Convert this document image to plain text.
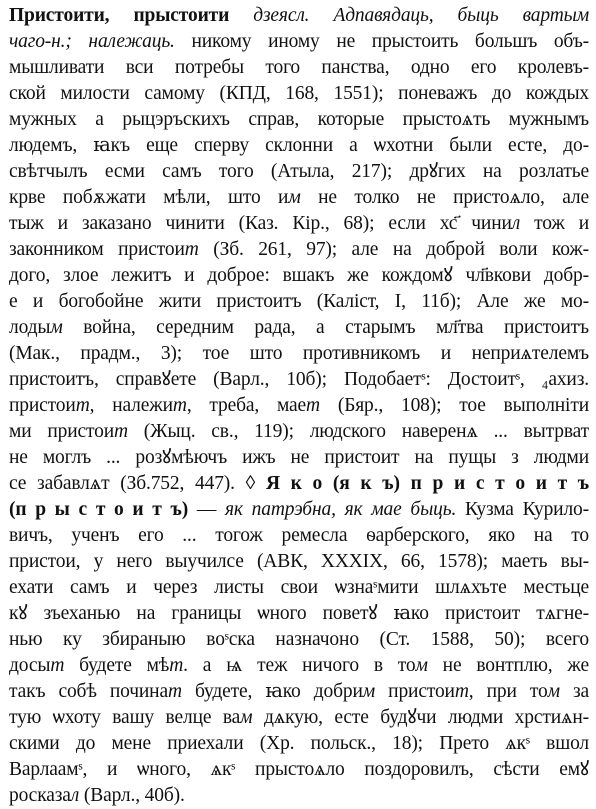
Пристоити, прыстоити дзеясл. Адпавядаць, быць вартым
чаго-н.; належаць. никому иному не прыстоить большъ объ-
мышливати вси потребы того панства, одно его кролевъ-
ской милости самому (КПД, 168, 1551); поневажъ до кождых
мужных а рыцэръскихъ справ, которые прыстоѧть мужнымъ
людемъ, ꙗкъ еще сперву склонни а ѡхотни были естe, до-
свѣтчылъ есми самъ того (Атыла, 217); дрꙋгих на розлатье
крве побѫжати мѣли, што им не толко не пристоѧло, але
тыж и заказано чинити (Каз. Кір., 68); если хс҃ чинил тож и
законником пристоит (Зб. 261, 97); але на доброй воли кож-
дого, злое лежитъ и доброе: вшакъ же кождомꙋ чл҃вкови добр-
е и богобойне жити пристоитъ (Каліст, І, 11б); Але же мо-
лодым война, середним рада, а старымъ мл҃тва пристоитъ
(Мак., прадм., 3); тое што противникомъ и неприѧтелемъ
пристоитъ, справꙋете (Варл., 10б); Подобаетˢ: Достоитˢ, ₄ахиз.
пристоит, належит, треба, мает (Бяр., 108); тое выполнiти
ми пристоит (Жыц. св., 119); людского наверенѧ ... вытрват
не моглъ ... розꙋмѣючъ ижъ не пристоит на пущы з людми
се забавлѧт (Зб.752, 447). ◊ Я к о (я к ъ) п р и с т о и т ъ
(п р ы с т о и т ъ) — як патрэбна, як мае быць. Кузма Курило-
вичъ, ученъ его ... тогож ремесла ѳарберского, яко на то
пристои, у него выучилсе (АВК, XXXIX, 66, 1578); маеть вы-
ехати самъ и через листы свои ѡзнаˢмити шлѧхъте местьце
кꙋ зъеханью на границы ѡного поветꙋ ꙗко пристоит тѧгне-
нью ку збираныю воˢска назначоно (Ст. 1588, 50); всего
досыт будете мѣт. а ѩ теж ничого в том не вонтплю, же
такъ собѣ починат будете, ꙗко добрим пристоит, при том за
тую ѡхоту вашу велце вам дѧкую, есте будꙋчи людми хрстиѧн-
скими до мене приехали (Хр. польск., 18); Прето ѧкˢ вшол
Варлаамˢ, и ѡного, ѧкˢ прыстоѧло поздоровилъ, сѣсти емꙋ
росказал (Варл., 40б).
